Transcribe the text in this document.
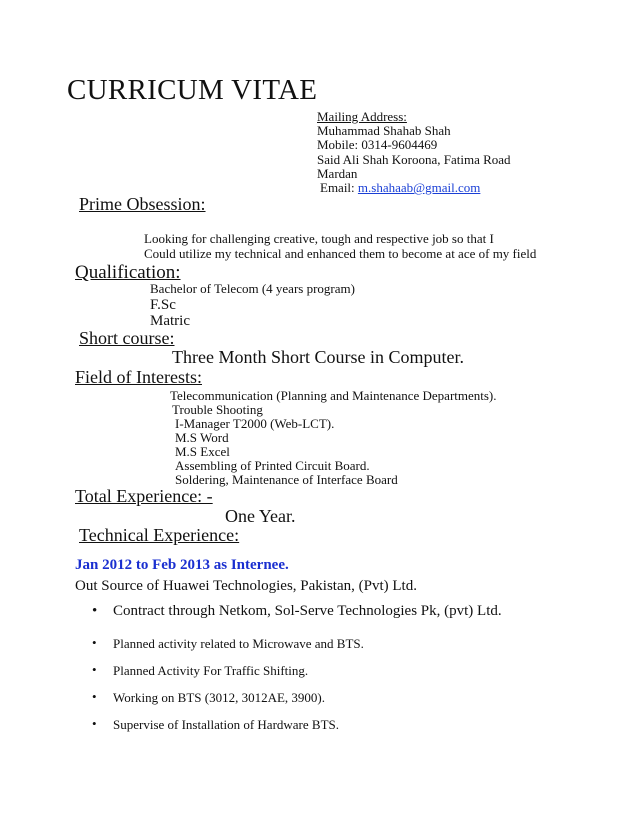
CURRICUM VITAE
Mailing Address:
Muhammad Shahab Shah
Mobile: 0314-9604469
Said Ali Shah Koroona, Fatima Road
Mardan
Email: m.shahaab@gmail.com
Prime Obsession:
Looking for challenging creative, tough and respective job so that I
Could utilize my technical and enhanced them to become at ace of my field
Qualification:
Bachelor of Telecom (4 years program)
F.Sc
Matric
Short course:
Three Month Short Course in Computer.
Field of Interests:
Telecommunication (Planning and Maintenance Departments).
Trouble Shooting
I-Manager T2000 (Web-LCT).
M.S Word
M.S Excel
Assembling of Printed Circuit Board.
Soldering, Maintenance of Interface Board
Total Experience: -
One Year.
Technical Experience:
Jan 2012 to Feb 2013 as Internee.
Out Source of Huawei Technologies, Pakistan, (Pvt) Ltd.
• Contract through Netkom, Sol-Serve Technologies Pk, (pvt) Ltd.
• Planned activity related to Microwave and BTS.
• Planned Activity For Traffic Shifting.
• Working on BTS (3012, 3012AE, 3900).
• Supervise of Installation of Hardware BTS.
